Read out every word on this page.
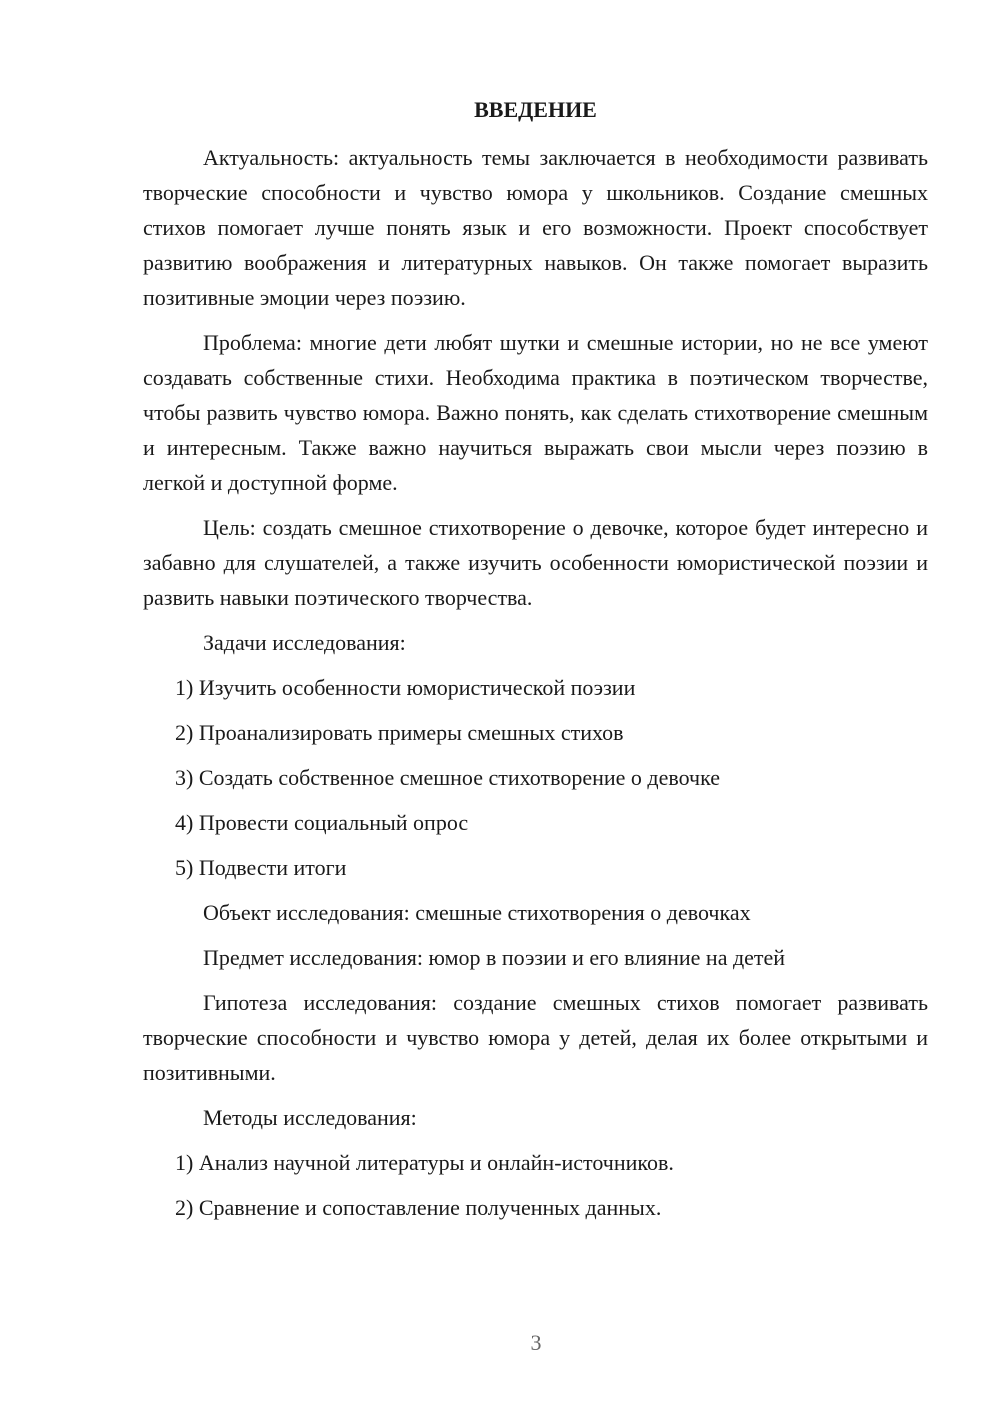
ВВЕДЕНИЕ

Актуальность: актуальность темы заключается в необходимости развивать творческие способности и чувство юмора у школьников. Создание смешных стихов помогает лучше понять язык и его возможности. Проект способствует развитию воображения и литературных навыков. Он также помогает выразить позитивные эмоции через поэзию.

Проблема: многие дети любят шутки и смешные истории, но не все умеют создавать собственные стихи. Необходима практика в поэтическом творчестве, чтобы развить чувство юмора. Важно понять, как сделать стихотворение смешным и интересным. Также важно научиться выражать свои мысли через поэзию в легкой и доступной форме.

Цель: создать смешное стихотворение о девочке, которое будет интересно и забавно для слушателей, а также изучить особенности юмористической поэзии и развить навыки поэтического творчества.

Задачи исследования:
1) Изучить особенности юмористической поэзии
2) Проанализировать примеры смешных стихов
3) Создать собственное смешное стихотворение о девочке
4) Провести социальный опрос
5) Подвести итоги
Объект исследования: смешные стихотворения о девочках
Предмет исследования: юмор в поэзии и его влияние на детей

Гипотеза исследования: создание смешных стихов помогает развивать творческие способности и чувство юмора у детей, делая их более открытыми и позитивными.

Методы исследования:
1) Анализ научной литературы и онлайн-источников.
2) Сравнение и сопоставление полученных данных.
3
